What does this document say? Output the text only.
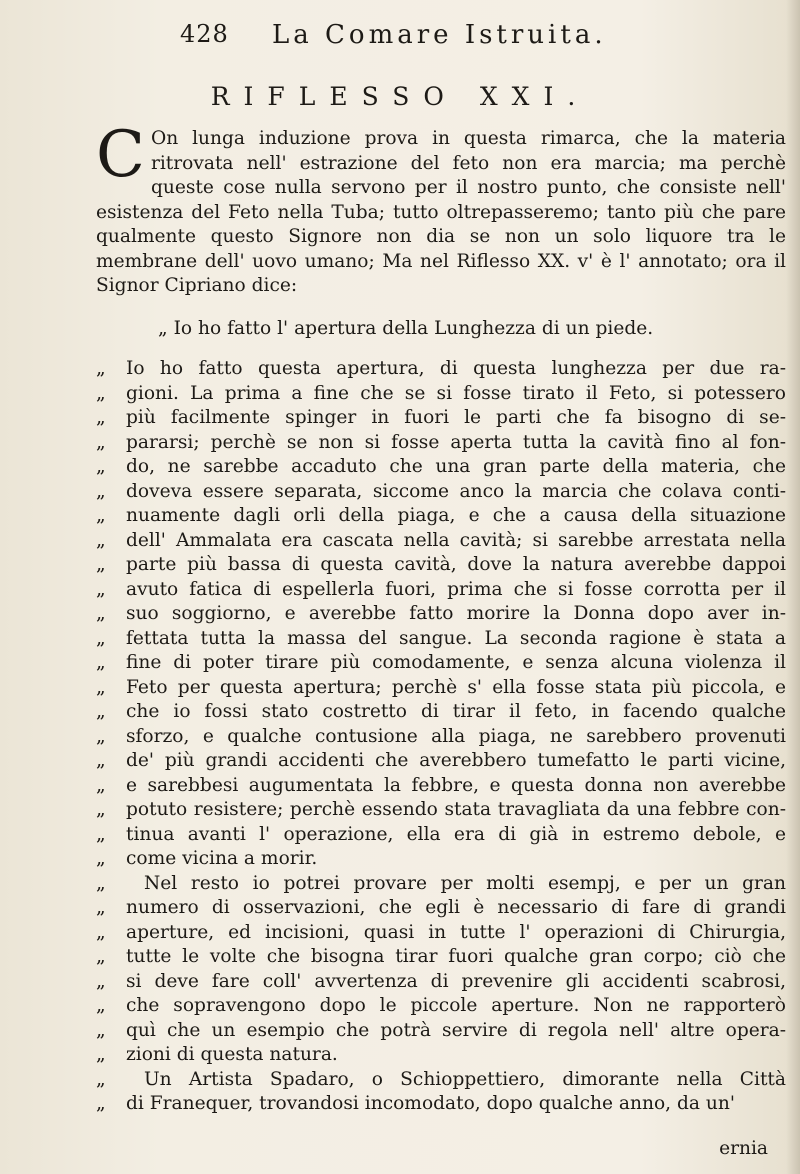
428 La Comare Istruita.
RIFLESSO XXI.

C On lunga induzione prova in questa rimarca, che la materia ritrovata nell' estrazione del feto non era marcia; ma perchè queste cose nulla servono per il nostro punto, che consiste nell' esistenza del Feto nella Tuba; tutto oltrepasseremo; tanto più che pare qualmente questo Signore non dia se non un solo liquore tra le membrane dell' uovo umano; Ma nel Riflesso XX. v' è l' annotato; ora il Signor Cipriano dice:

„ Io ho fatto l' apertura della Lunghezza di un piede.
„ Io ho fatto questa apertura, di questa lunghezza per due ra-
„ gioni. La prima a fine che se si fosse tirato il Feto, si potessero
„ più facilmente spinger in fuori le parti che fa bisogno di se-
„ pararsi; perchè se non si fosse aperta tutta la cavità fino al fon-
„ do, ne sarebbe accaduto che una gran parte della materia, che
„ doveva essere separata, siccome anco la marcia che colava conti-
„ nuamente dagli orli della piaga, e che a causa della situazione
„ dell' Ammalata era cascata nella cavità; si sarebbe arrestata nella
„ parte più bassa di questa cavità, dove la natura averebbe dappoi
„ avuto fatica di espellerla fuori, prima che si fosse corrotta per il
„ suo soggiorno, e averebbe fatto morire la Donna dopo aver in-
„ fettata tutta la massa del sangue. La seconda ragione è stata a
„ fine di poter tirare più comodamente, e senza alcuna violenza il
„ Feto per questa apertura; perchè s' ella fosse stata più piccola, e
„ che io fossi stato costretto di tirar il feto, in facendo qualche
„ sforzo, e qualche contusione alla piaga, ne sarebbero provenuti
„ de' più grandi accidenti che averebbero tumefatto le parti vicine,
„ e sarebbesi augumentata la febbre, e questa donna non averebbe
„ potuto resistere; perchè essendo stata travagliata da una febbre con-
„ tinua avanti l' operazione, ella era di già in estremo debole, e
„ come vicina a morir.
„ Nel resto io potrei provare per molti esempj, e per un gran
„ numero di osservazioni, che egli è necessario di fare di grandi
„ aperture, ed incisioni, quasi in tutte l' operazioni di Chirurgia,
„ tutte le volte che bisogna tirar fuori qualche gran corpo; ciò che
„ si deve fare coll' avvertenza di prevenire gli accidenti scabrosi,
„ che sopravengono dopo le piccole aperture. Non ne rapporterò
„ quì che un esempio che potrà servire di regola nell' altre opera-
„ zioni di questa natura.
„ Un Artista Spadaro, o Schioppettiero, dimorante nella Città
„ di Franequer, trovandosi incomodato, dopo qualche anno, da un'
ernia
